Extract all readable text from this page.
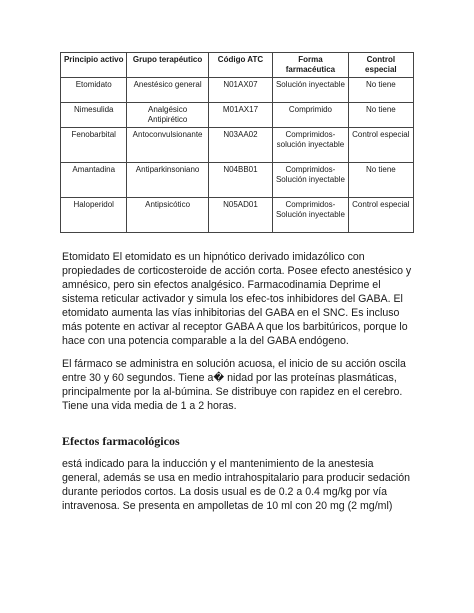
Principio activo	Grupo terapéutico	Código ATC	Forma farmacéutica	Control especial
Etomidato	Anestésico general	N01AX07	Solución inyectable	No tiene
Nimesulida	Analgésico Antipirético	M01AX17	Comprimido	No tiene
Fenobarbital	Antoconvulsionante	N03AA02	Comprimidos-solución inyectable	Control especial
Amantadina	Antiparkinsoniano	N04BB01	Comprimidos-Solución inyectable	No tiene
Haloperidol	Antipsicótico	N05AD01	Comprimidos-Solución inyectable	Control especial

Etomidato El etomidato es un hipnótico derivado imidazólico con propiedades de corticosteroide de acción corta. Posee efecto anestésico y amnésico, pero sin efectos analgésico. Farmacodinamia Deprime el sistema reticular activador y simula los efec-tos inhibidores del GABA. El etomidato aumenta las vías inhibitorias del GABA en el SNC. Es incluso más potente en activar al receptor GABA A que los barbitúricos, porque lo hace con una potencia comparable a la del GABA endógeno.

El fármaco se administra en solución acuosa, el inicio de su acción oscila entre 30 y 60 segundos. Tiene a� nidad por las proteínas plasmáticas, principalmente por la al-búmina. Se distribuye con rapidez en el cerebro. Tiene una vida media de 1 a 2 horas.

Efectos farmacológicos

está indicado para la inducción y el mantenimiento de la anestesia general, además se usa en medio intrahospitalario para producir sedación durante periodos cortos. La dosis usual es de 0.2 a 0.4 mg/kg por vía intravenosa. Se presenta en ampolletas de 10 ml con 20 mg (2 mg/ml)
